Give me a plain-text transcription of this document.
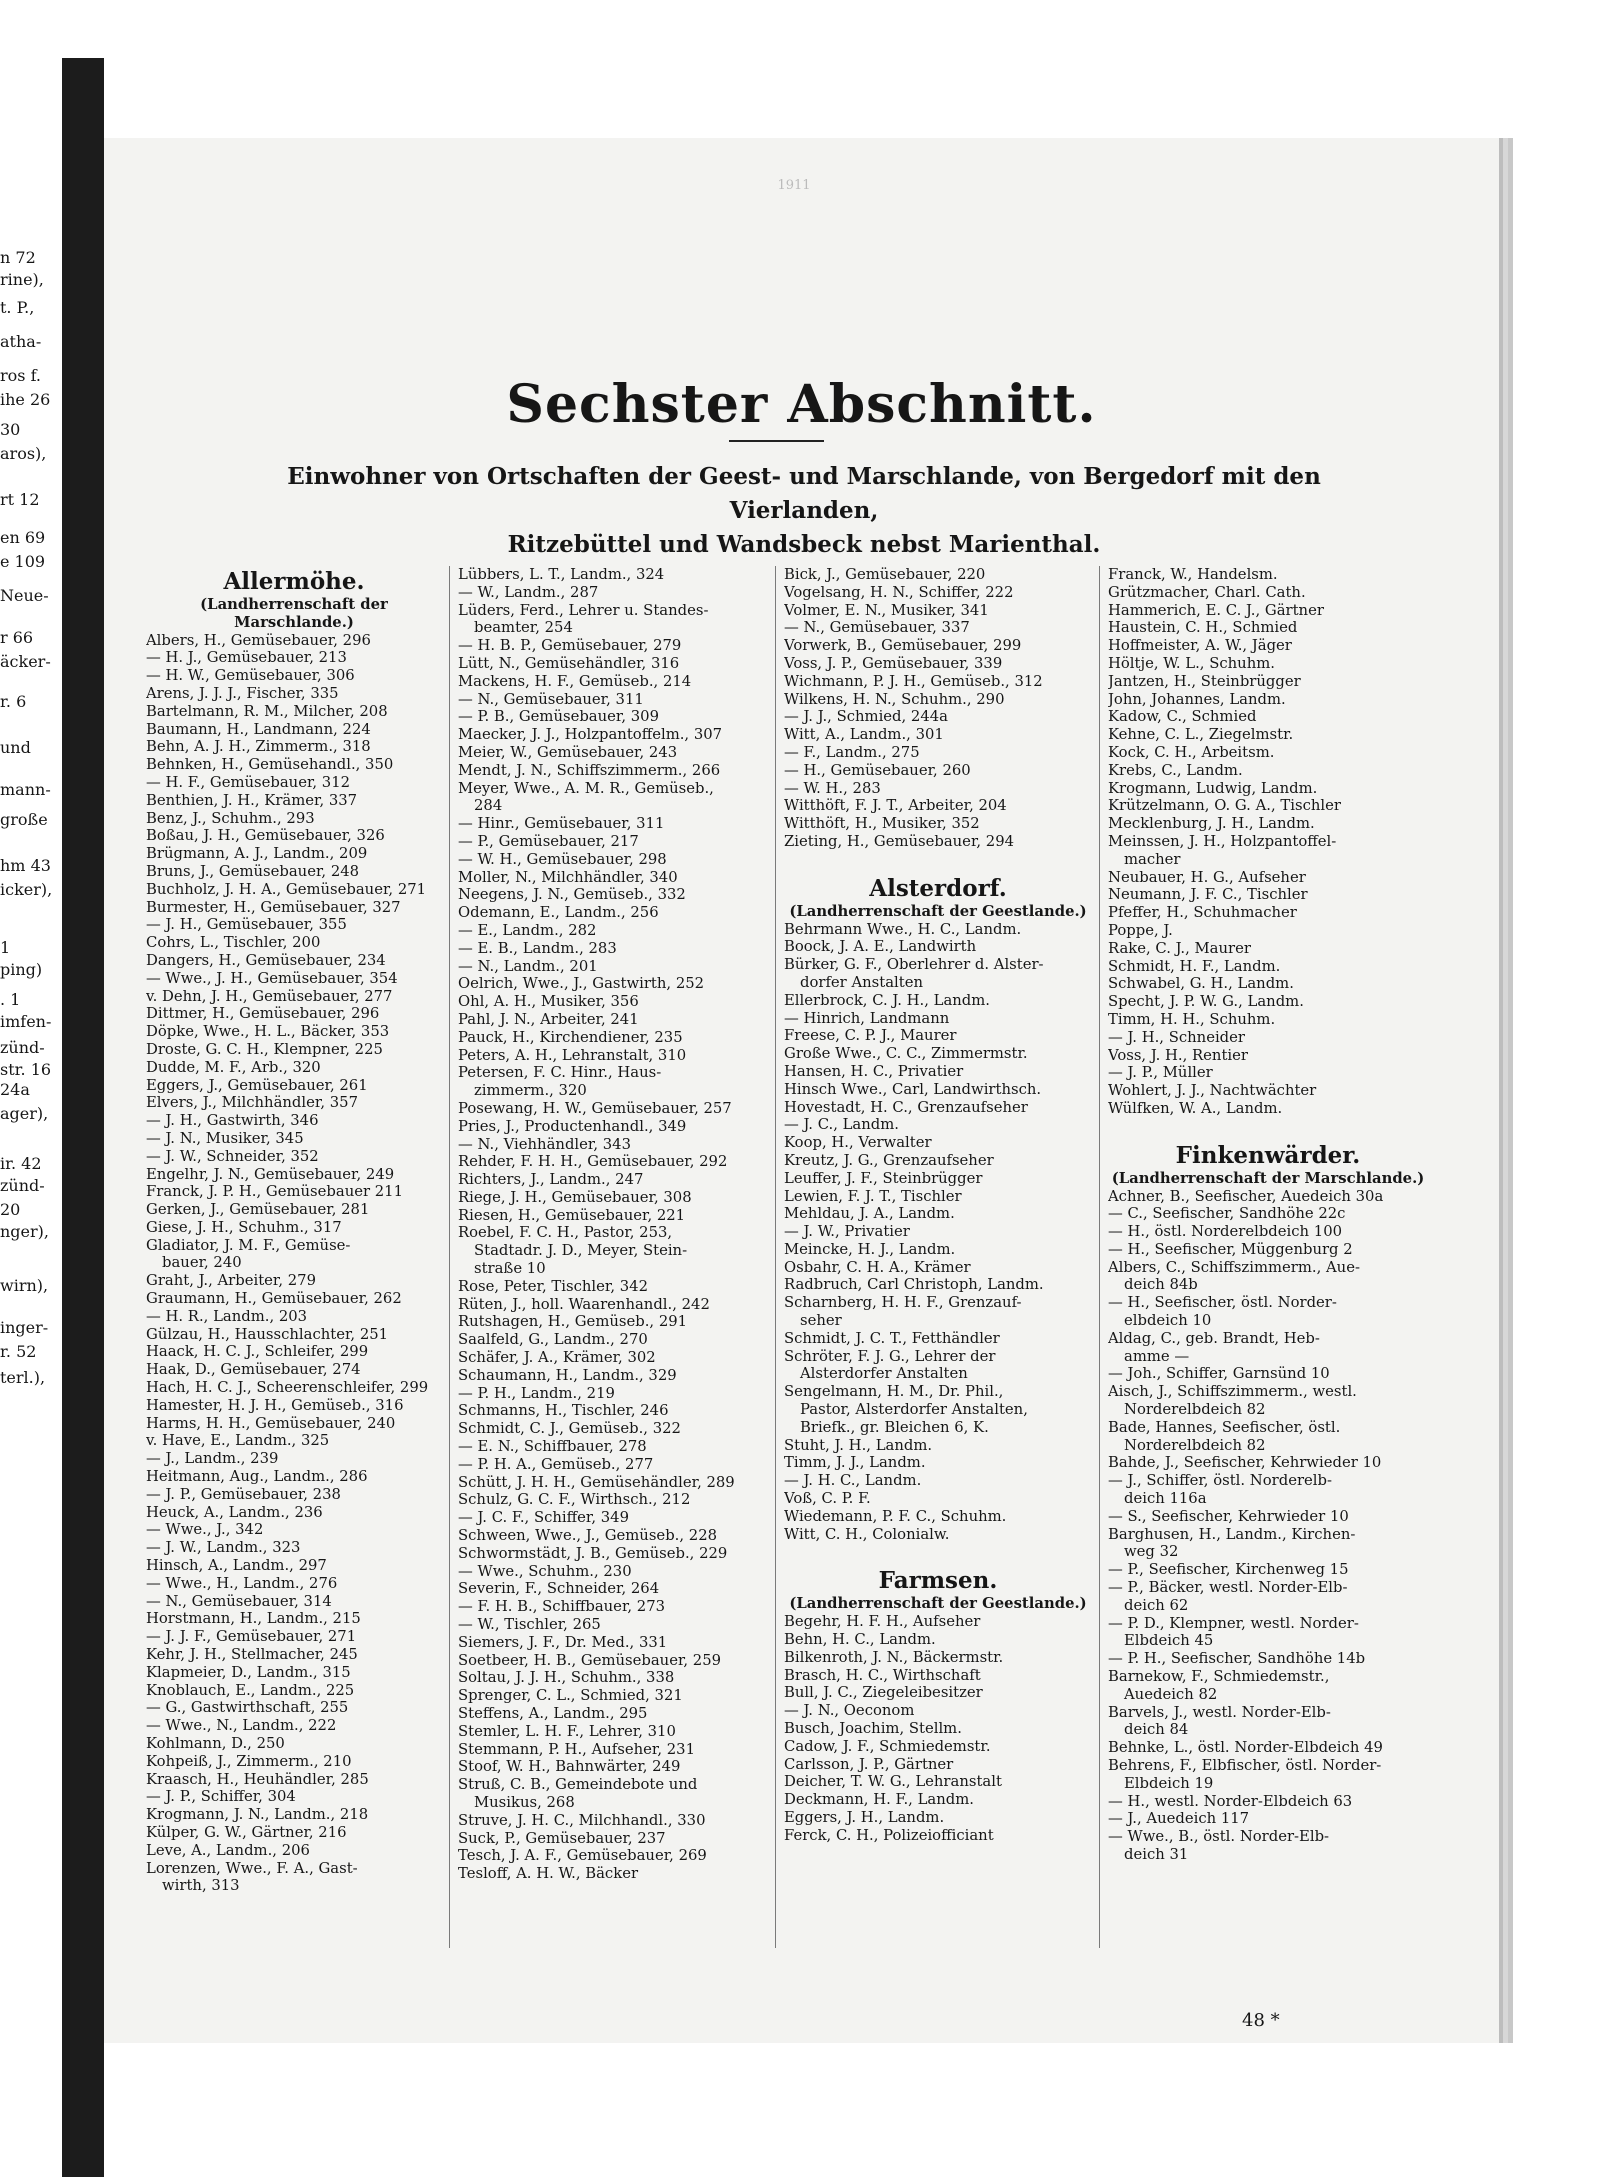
n 72
rine),
t. P.,
atha-
ros f.
ihe 26
30
aros),
rt 12
en 69
e 109
Neue-
r 66
äcker-
r. 6
und
mann-
große
hm 43
icker),
1
ping)
. 1
imfen-
zünd-
str. 16
24a
ager),
ir. 42
zünd-
20
nger),
wirn),
inger-
r. 52
terl.),
1911
Sechster Abschnitt.
Einwohner von Ortschaften der Geest- und Marschlande, von Bergedorf mit den Vierlanden,
Ritzebüttel und Wandsbeck nebst Marienthal.
Allermöhe.
(Landherrenschaft der Marschlande.)
Albers, H., Gemüsebauer, 296
— H. J., Gemüsebauer, 213
— H. W., Gemüsebauer, 306
Arens, J. J. J., Fischer, 335
Bartelmann, R. M., Milcher, 208
Baumann, H., Landmann, 224
Behn, A. J. H., Zimmerm., 318
Behnken, H., Gemüsehandl., 350
— H. F., Gemüsebauer, 312
Benthien, J. H., Krämer, 337
Benz, J., Schuhm., 293
Boßau, J. H., Gemüsebauer, 326
Brügmann, A. J., Landm., 209
Bruns, J., Gemüsebauer, 248
Buchholz, J. H. A., Gemüsebauer, 271
Burmester, H., Gemüsebauer, 327
— J. H., Gemüsebauer, 355
Cohrs, L., Tischler, 200
Dangers, H., Gemüsebauer, 234
— Wwe., J. H., Gemüsebauer, 354
v. Dehn, J. H., Gemüsebauer, 277
Dittmer, H., Gemüsebauer, 296
Döpke, Wwe., H. L., Bäcker, 353
Droste, G. C. H., Klempner, 225
Dudde, M. F., Arb., 320
Eggers, J., Gemüsebauer, 261
Elvers, J., Milchhändler, 357
— J. H., Gastwirth, 346
— J. N., Musiker, 345
— J. W., Schneider, 352
Engelhr, J. N., Gemüsebauer, 249
Franck, J. P. H., Gemüsebauer 211
Gerken, J., Gemüsebauer, 281
Giese, J. H., Schuhm., 317
Gladiator, J. M. F., Gemüse-
bauer, 240
Graht, J., Arbeiter, 279
Graumann, H., Gemüsebauer, 262
— H. R., Landm., 203
Gülzau, H., Hausschlachter, 251
Haack, H. C. J., Schleifer, 299
Haak, D., Gemüsebauer, 274
Hach, H. C. J., Scheerenschleifer, 299
Hamester, H. J. H., Gemüseb., 316
Harms, H. H., Gemüsebauer, 240
v. Have, E., Landm., 325
— J., Landm., 239
Heitmann, Aug., Landm., 286
— J. P., Gemüsebauer, 238
Heuck, A., Landm., 236
— Wwe., J., 342
— J. W., Landm., 323
Hinsch, A., Landm., 297
— Wwe., H., Landm., 276
— N., Gemüsebauer, 314
Horstmann, H., Landm., 215
— J. J. F., Gemüsebauer, 271
Kehr, J. H., Stellmacher, 245
Klapmeier, D., Landm., 315
Knoblauch, E., Landm., 225
— G., Gastwirthschaft, 255
— Wwe., N., Landm., 222
Kohlmann, D., 250
Kohpeiß, J., Zimmerm., 210
Kraasch, H., Heuhändler, 285
— J. P., Schiffer, 304
Krogmann, J. N., Landm., 218
Külper, G. W., Gärtner, 216
Leve, A., Landm., 206
Lorenzen, Wwe., F. A., Gast-
wirth, 313
Lübbers, L. T., Landm., 324
— W., Landm., 287
Lüders, Ferd., Lehrer u. Standes-
beamter, 254
— H. B. P., Gemüsebauer, 279
Lütt, N., Gemüsehändler, 316
Mackens, H. F., Gemüseb., 214
— N., Gemüsebauer, 311
— P. B., Gemüsebauer, 309
Maecker, J. J., Holzpantoffelm., 307
Meier, W., Gemüsebauer, 243
Mendt, J. N., Schiffszimmerm., 266
Meyer, Wwe., A. M. R., Gemüseb.,
284
— Hinr., Gemüsebauer, 311
— P., Gemüsebauer, 217
— W. H., Gemüsebauer, 298
Moller, N., Milchhändler, 340
Neegens, J. N., Gemüseb., 332
Odemann, E., Landm., 256
— E., Landm., 282
— E. B., Landm., 283
— N., Landm., 201
Oelrich, Wwe., J., Gastwirth, 252
Ohl, A. H., Musiker, 356
Pahl, J. N., Arbeiter, 241
Pauck, H., Kirchendiener, 235
Peters, A. H., Lehranstalt, 310
Petersen, F. C. Hinr., Haus-
zimmerm., 320
Posewang, H. W., Gemüsebauer, 257
Pries, J., Productenhandl., 349
— N., Viehhändler, 343
Rehder, F. H. H., Gemüsebauer, 292
Richters, J., Landm., 247
Riege, J. H., Gemüsebauer, 308
Riesen, H., Gemüsebauer, 221
Roebel, F. C. H., Pastor, 253,
Stadtadr. J. D., Meyer, Stein-
straße 10
Rose, Peter, Tischler, 342
Rüten, J., holl. Waarenhandl., 242
Rutshagen, H., Gemüseb., 291
Saalfeld, G., Landm., 270
Schäfer, J. A., Krämer, 302
Schaumann, H., Landm., 329
— P. H., Landm., 219
Schmanns, H., Tischler, 246
Schmidt, C. J., Gemüseb., 322
— E. N., Schiffbauer, 278
— P. H. A., Gemüseb., 277
Schütt, J. H. H., Gemüsehändler, 289
Schulz, G. C. F., Wirthsch., 212
— J. C. F., Schiffer, 349
Schween, Wwe., J., Gemüseb., 228
Schwormstädt, J. B., Gemüseb., 229
— Wwe., Schuhm., 230
Severin, F., Schneider, 264
— F. H. B., Schiffbauer, 273
— W., Tischler, 265
Siemers, J. F., Dr. Med., 331
Soetbeer, H. B., Gemüsebauer, 259
Soltau, J. J. H., Schuhm., 338
Sprenger, C. L., Schmied, 321
Steffens, A., Landm., 295
Stemler, L. H. F., Lehrer, 310
Stemmann, P. H., Aufseher, 231
Stoof, W. H., Bahnwärter, 249
Struß, C. B., Gemeindebote und
Musikus, 268
Struve, J. H. C., Milchhandl., 330
Suck, P., Gemüsebauer, 237
Tesch, J. A. F., Gemüsebauer, 269
Tesloff, A. H. W., Bäcker
Bick, J., Gemüsebauer, 220
Vogelsang, H. N., Schiffer, 222
Volmer, E. N., Musiker, 341
— N., Gemüsebauer, 337
Vorwerk, B., Gemüsebauer, 299
Voss, J. P., Gemüsebauer, 339
Wichmann, P. J. H., Gemüseb., 312
Wilkens, H. N., Schuhm., 290
— J. J., Schmied, 244a
Witt, A., Landm., 301
— F., Landm., 275
— H., Gemüsebauer, 260
— W. H., 283
Witthöft, F. J. T., Arbeiter, 204
Witthöft, H., Musiker, 352
Zieting, H., Gemüsebauer, 294
Alsterdorf.
(Landherrenschaft der Geestlande.)
Behrmann Wwe., H. C., Landm.
Boock, J. A. E., Landwirth
Bürker, G. F., Oberlehrer d. Alster-
dorfer Anstalten
Ellerbrock, C. J. H., Landm.
— Hinrich, Landmann
Freese, C. P. J., Maurer
Große Wwe., C. C., Zimmermstr.
Hansen, H. C., Privatier
Hinsch Wwe., Carl, Landwirthsch.
Hovestadt, H. C., Grenzaufseher
— J. C., Landm.
Koop, H., Verwalter
Kreutz, J. G., Grenzaufseher
Leuffer, J. F., Steinbrügger
Lewien, F. J. T., Tischler
Mehldau, J. A., Landm.
— J. W., Privatier
Meincke, H. J., Landm.
Osbahr, C. H. A., Krämer
Radbruch, Carl Christoph, Landm.
Scharnberg, H. H. F., Grenzauf-
seher
Schmidt, J. C. T., Fetthändler
Schröter, F. J. G., Lehrer der
Alsterdorfer Anstalten
Sengelmann, H. M., Dr. Phil.,
Pastor, Alsterdorfer Anstalten,
Briefk., gr. Bleichen 6, K.
Stuht, J. H., Landm.
Timm, J. J., Landm.
— J. H. C., Landm.
Voß, C. P. F.
Wiedemann, P. F. C., Schuhm.
Witt, C. H., Colonialw.
Farmsen.
(Landherrenschaft der Geestlande.)
Begehr, H. F. H., Aufseher
Behn, H. C., Landm.
Bilkenroth, J. N., Bäckermstr.
Brasch, H. C., Wirthschaft
Bull, J. C., Ziegeleibesitzer
— J. N., Oeconom
Busch, Joachim, Stellm.
Cadow, J. F., Schmiedemstr.
Carlsson, J. P., Gärtner
Deicher, T. W. G., Lehranstalt
Deckmann, H. F., Landm.
Eggers, J. H., Landm.
Ferck, C. H., Polizeiofficiant
Franck, W., Handelsm.
Grützmacher, Charl. Cath.
Hammerich, E. C. J., Gärtner
Haustein, C. H., Schmied
Hoffmeister, A. W., Jäger
Höltje, W. L., Schuhm.
Jantzen, H., Steinbrügger
John, Johannes, Landm.
Kadow, C., Schmied
Kehne, C. L., Ziegelmstr.
Kock, C. H., Arbeitsm.
Krebs, C., Landm.
Krogmann, Ludwig, Landm.
Krützelmann, O. G. A., Tischler
Mecklenburg, J. H., Landm.
Meinssen, J. H., Holzpantoffel-
macher
Neubauer, H. G., Aufseher
Neumann, J. F. C., Tischler
Pfeffer, H., Schuhmacher
Poppe, J.
Rake, C. J., Maurer
Schmidt, H. F., Landm.
Schwabel, G. H., Landm.
Specht, J. P. W. G., Landm.
Timm, H. H., Schuhm.
— J. H., Schneider
Voss, J. H., Rentier
— J. P., Müller
Wohlert, J. J., Nachtwächter
Wülfken, W. A., Landm.
Finkenwärder.
(Landherrenschaft der Marschlande.)
Achner, B., Seefischer, Auedeich 30a
— C., Seefischer, Sandhöhe 22c
— H., östl. Norderelbdeich 100
— H., Seefischer, Müggenburg 2
Albers, C., Schiffszimmerm., Aue-
deich 84b
— H., Seefischer, östl. Norder-
elbdeich 10
Aldag, C., geb. Brandt, Heb-
amme —
— Joh., Schiffer, Garnsünd 10
Aisch, J., Schiffszimmerm., westl.
Norderelbdeich 82
Bade, Hannes, Seefischer, östl.
Norderelbdeich 82
Bahde, J., Seefischer, Kehrwieder 10
— J., Schiffer, östl. Norderelb-
deich 116a
— S., Seefischer, Kehrwieder 10
Barghusen, H., Landm., Kirchen-
weg 32
— P., Seefischer, Kirchenweg 15
— P., Bäcker, westl. Norder-Elb-
deich 62
— P. D., Klempner, westl. Norder-
Elbdeich 45
— P. H., Seefischer, Sandhöhe 14b
Barnekow, F., Schmiedemstr.,
Auedeich 82
Barvels, J., westl. Norder-Elb-
deich 84
Behnke, L., östl. Norder-Elbdeich 49
Behrens, F., Elbfischer, östl. Norder-
Elbdeich 19
— H., westl. Norder-Elbdeich 63
— J., Auedeich 117
— Wwe., B., östl. Norder-Elb-
deich 31
48 *
